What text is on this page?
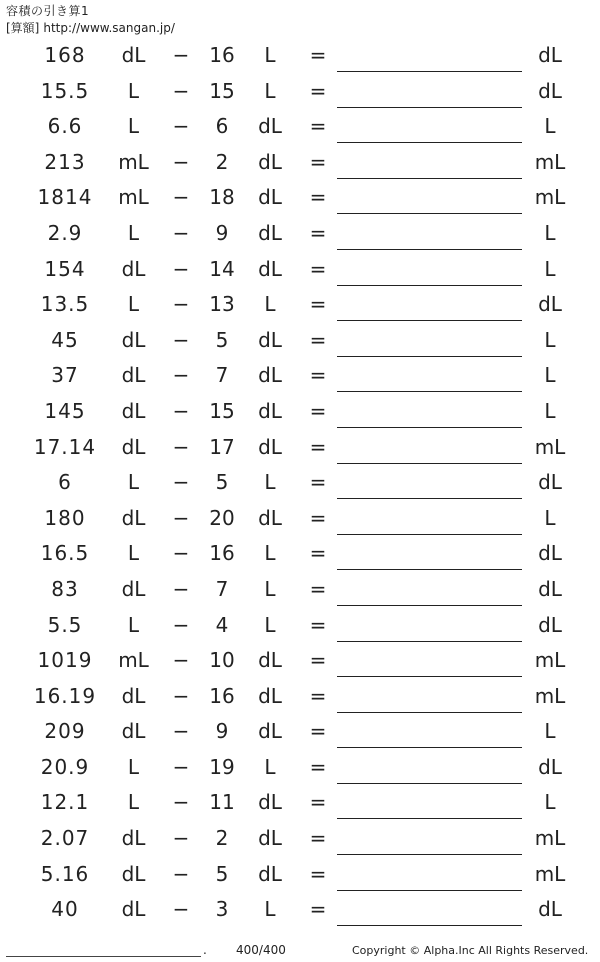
容積の引き算1
[算額] http://www.sangan.jp/
168	dL	− 16	L	=	dL
15.5	L	− 15	L	=	dL
6.6	L	−	6	dL	=	L
213	mL	−	2	dL	=	mL
1814	mL	− 18	dL	=	mL
2.9	L	−	9	dL	=	L
154	dL	− 14	dL	=	L
13.5	L	− 13	L	=	dL
45	dL	−	5	dL	=	L
37	dL	−	7	dL	=	L
145	dL	− 15	dL	=	L
17.14	dL	− 17	dL	=	mL
6	L	−	5	L	=	dL
180	dL	− 20	dL	=	L
16.5	L	− 16	L	=	dL
83	dL	−	7	L	=	dL
5.5	L	−	4	L	=	dL
1019	mL	− 10	dL	=	mL
16.19	dL	− 16	dL	=	mL
209	dL	−	9	dL	=	L
20.9	L	− 19	L	=	dL
12.1	L	− 11	dL	=	L
2.07	dL	−	2	dL	=	mL
5.16	dL	−	5	dL	=	mL
40	dL	−	3	L	=	dL
. 400/400	Copyright © Alpha.Inc All Rights Reserved.
